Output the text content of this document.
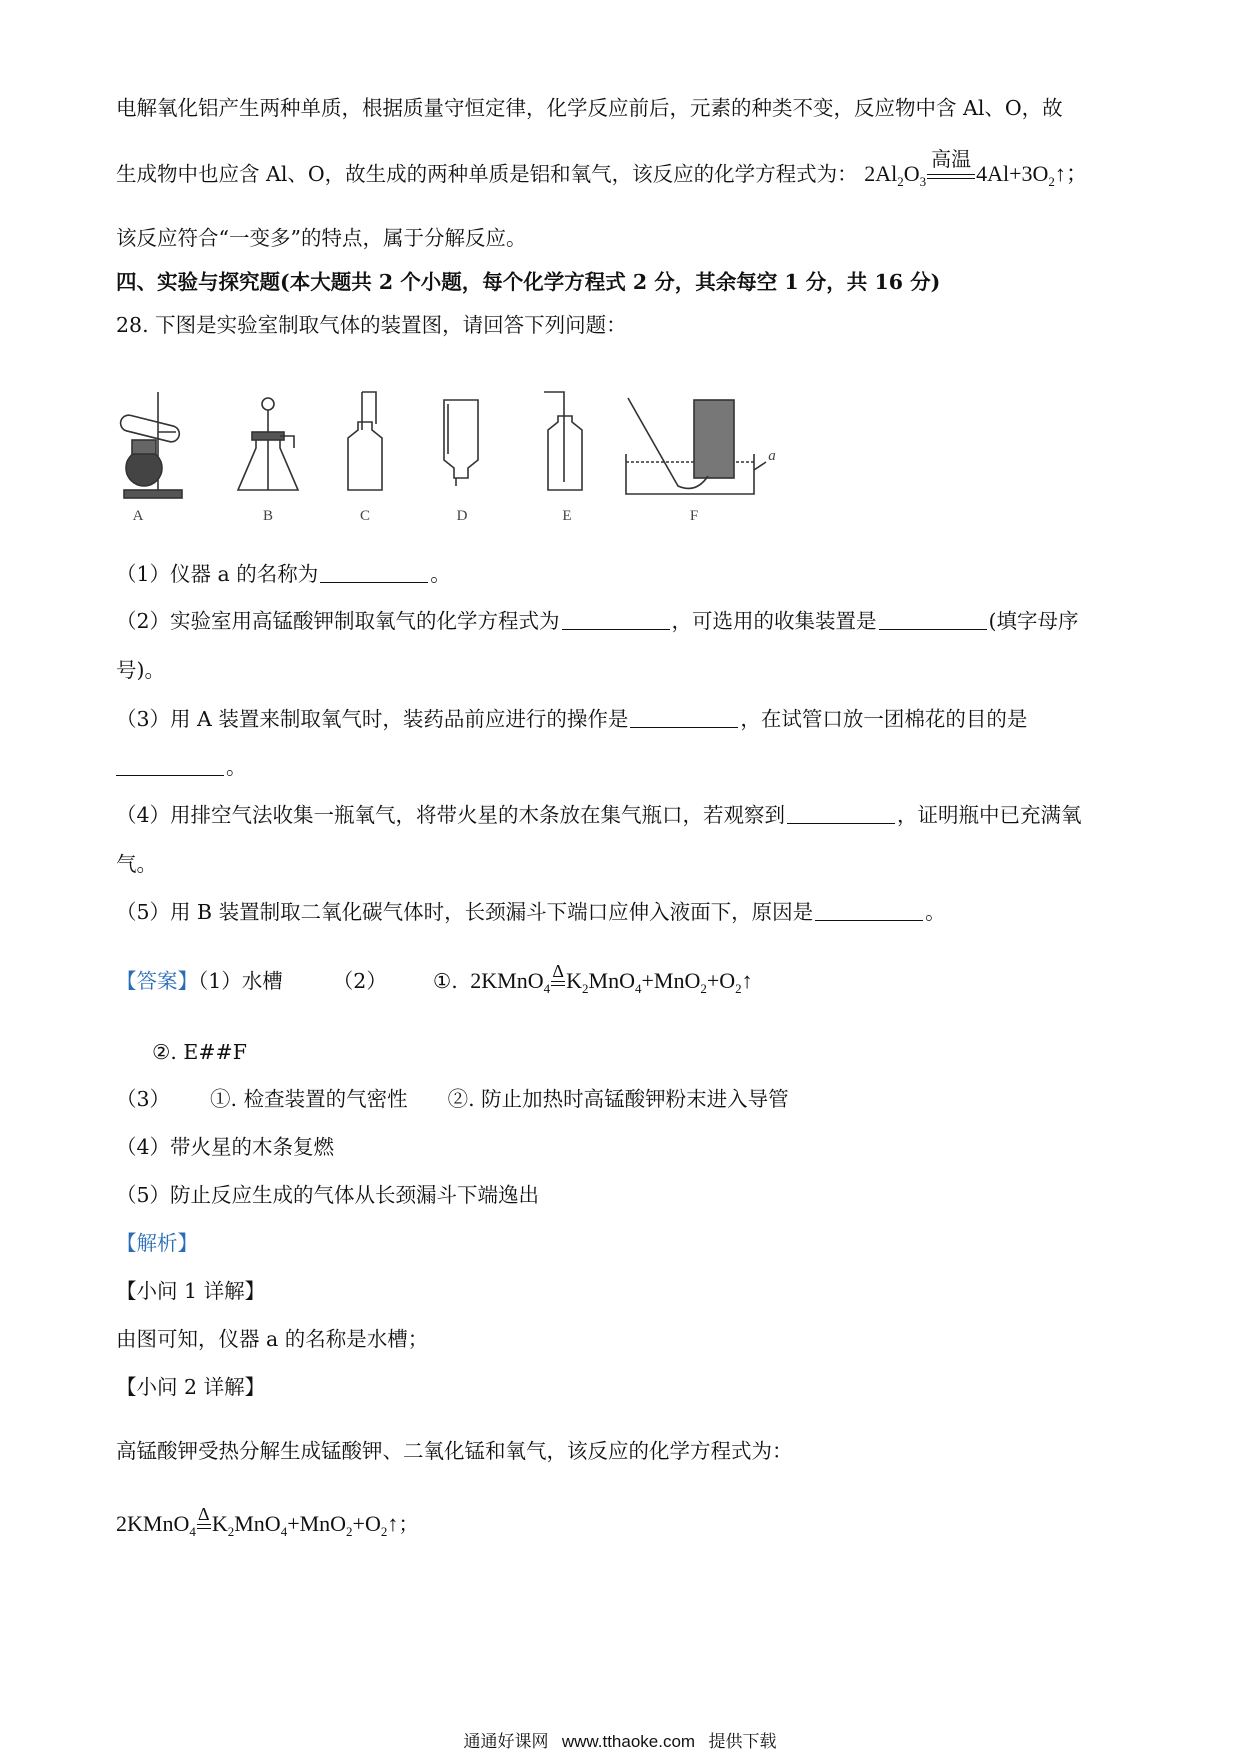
电解氧化铝产生两种单质，根据质量守恒定律，化学反应前后，元素的种类不变，反应物中含 Al、O，故
生成物中也应含 Al、O，故生成的两种单质是铝和氧气，该反应的化学方程式为： $2Al_2O_3$
高温
$4Al+3O_2↑$；
该反应符合“一变多”的特点，属于分解反应。
四、实验与探究题(本大题共 2 个小题，每个化学方程式 2 分，其余每空 1 分，共 16 分)
28. 下图是实验室制取气体的装置图，请回答下列问题：
A	B	C	D	E	F
a
（1）仪器 a 的名称为	。
（2）实验室用高锰酸钾制取氧气的化学方程式为	，可选用的收集装置是	(填字母序
号)。
（3）用 A 装置来制取氧气时，装药品前应进行的操作是	，在试管口放一团棉花的目的是
。
（4）用排空气法收集一瓶氧气，将带火星的木条放在集气瓶口，若观察到	，证明瓶中已充满氧
气。
（5）用 B 装置制取二氧化碳气体时，长颈漏斗下端口应伸入液面下，原因是	。
【答案】（1）水槽 （2） ①. 2KMnO$_4$
Δ $K_2MnO_4+MnO_2+O_2↑$
②. E##F
（3） ①. 检查装置的气密性 ②. 防止加热时高锰酸钾粉末进入导管
（4）带火星的木条复燃
（5）防止反应生成的气体从长颈漏斗下端逸出
【解析】
【小问 1 详解】
由图可知，仪器 a 的名称是水槽；
【小问 2 详解】
高锰酸钾受热分解生成锰酸钾、二氧化锰和氧气，该反应的化学方程式为：
2KMnO$_4$
Δ $K_2MnO_4+MnO_2+O_2↑$；
通通好课网 www.tthaoke.com 提供下载
